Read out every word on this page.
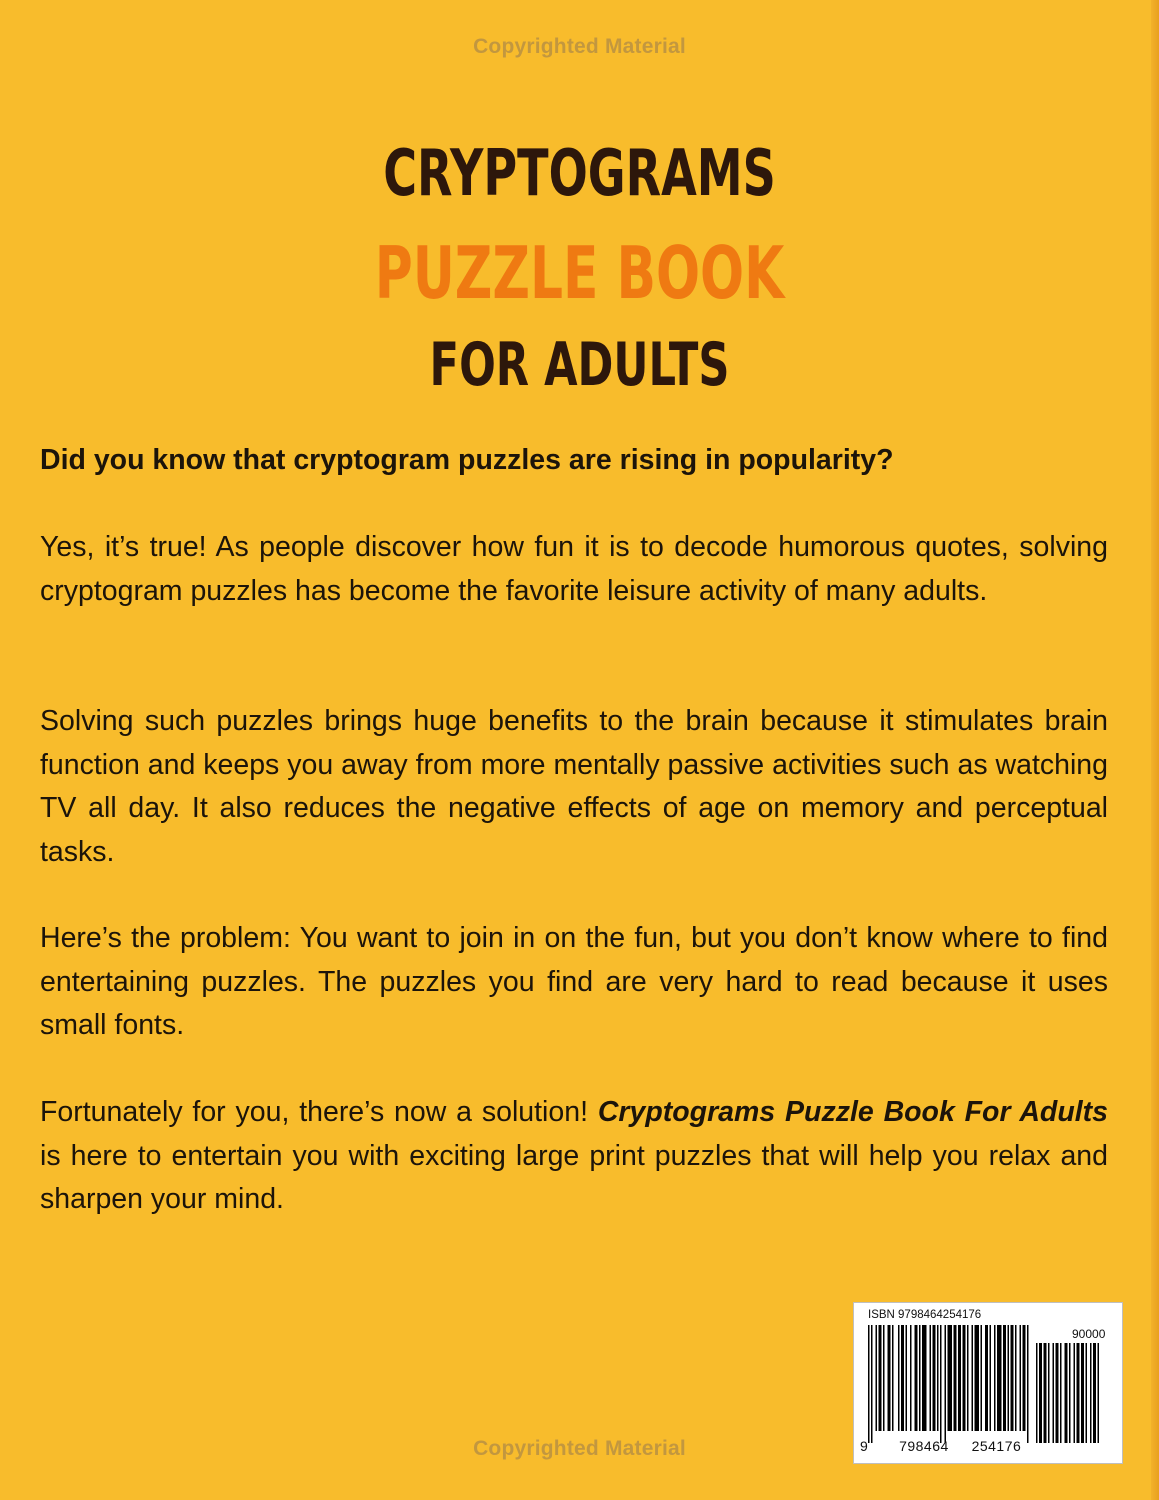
Copyrighted Material
CRYPTOGRAMS
PUZZLE BOOK
FOR ADULTS

Did you know that cryptogram puzzles are rising in popularity?

Yes, it’s true! As people discover how fun it is to decode humorous quotes, solving cryptogram puzzles has become the favorite leisure activity of many adults.

Solving such puzzles brings huge benefits to the brain because it stimulates brain function and keeps you away from more mentally passive activities such as watching TV all day. It also reduces the negative effects of age on memory and perceptual tasks.

Here’s the problem: You want to join in on the fun, but you don’t know where to find entertaining puzzles. The puzzles you find are very hard to read because it uses small fonts.

Fortunately for you, there’s now a solution! Cryptograms Puzzle Book For Adults is here to entertain you with exciting large print puzzles that will help you relax and sharpen your mind.

Copyrighted Material
ISBN 9798464254176
90000
9 798464 254176
